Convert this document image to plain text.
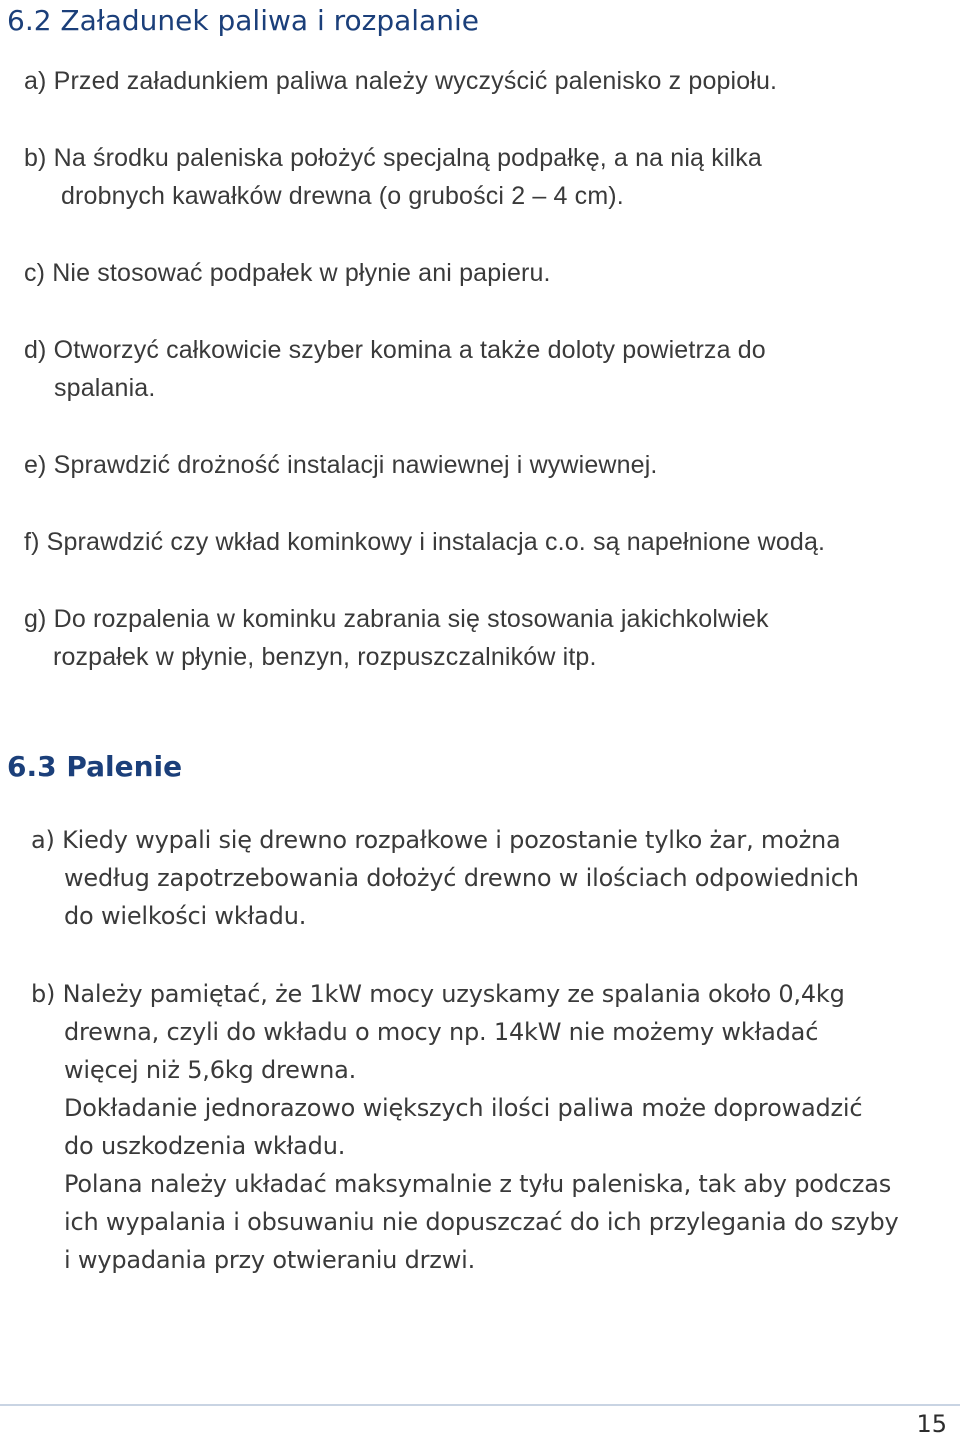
6.2 Załadunek paliwa i rozpalanie

a) Przed załadunkiem paliwa należy wyczyścić palenisko z popiołu.

b) Na środku paleniska położyć specjalną podpałkę, a na nią kilka
drobnych kawałków drewna (o grubości 2 – 4 cm).

c) Nie stosować podpałek w płynie ani papieru.

d) Otworzyć całkowicie szyber komina a także doloty powietrza do
spalania.

e) Sprawdzić drożność instalacji nawiewnej i wywiewnej.

f) Sprawdzić czy wkład kominkowy i instalacja c.o. są napełnione wodą.

g) Do rozpalenia w kominku zabrania się stosowania jakichkolwiek
rozpałek w płynie, benzyn, rozpuszczalników itp.

6.3 Palenie

a) Kiedy wypali się drewno rozpałkowe i pozostanie tylko żar, można
według zapotrzebowania dołożyć drewno w ilościach odpowiednich
do wielkości wkładu.

b) Należy pamiętać, że 1kW mocy uzyskamy ze spalania około 0,4kg
drewna, czyli do wkładu o mocy np. 14kW nie możemy wkładać
więcej niż 5,6kg drewna.
Dokładanie jednorazowo większych ilości paliwa może doprowadzić
do uszkodzenia wkładu.
Polana należy układać maksymalnie z tyłu paleniska, tak aby podczas
ich wypalania i obsuwaniu nie dopuszczać do ich przylegania do szyby
i wypadania przy otwieraniu drzwi.

15
